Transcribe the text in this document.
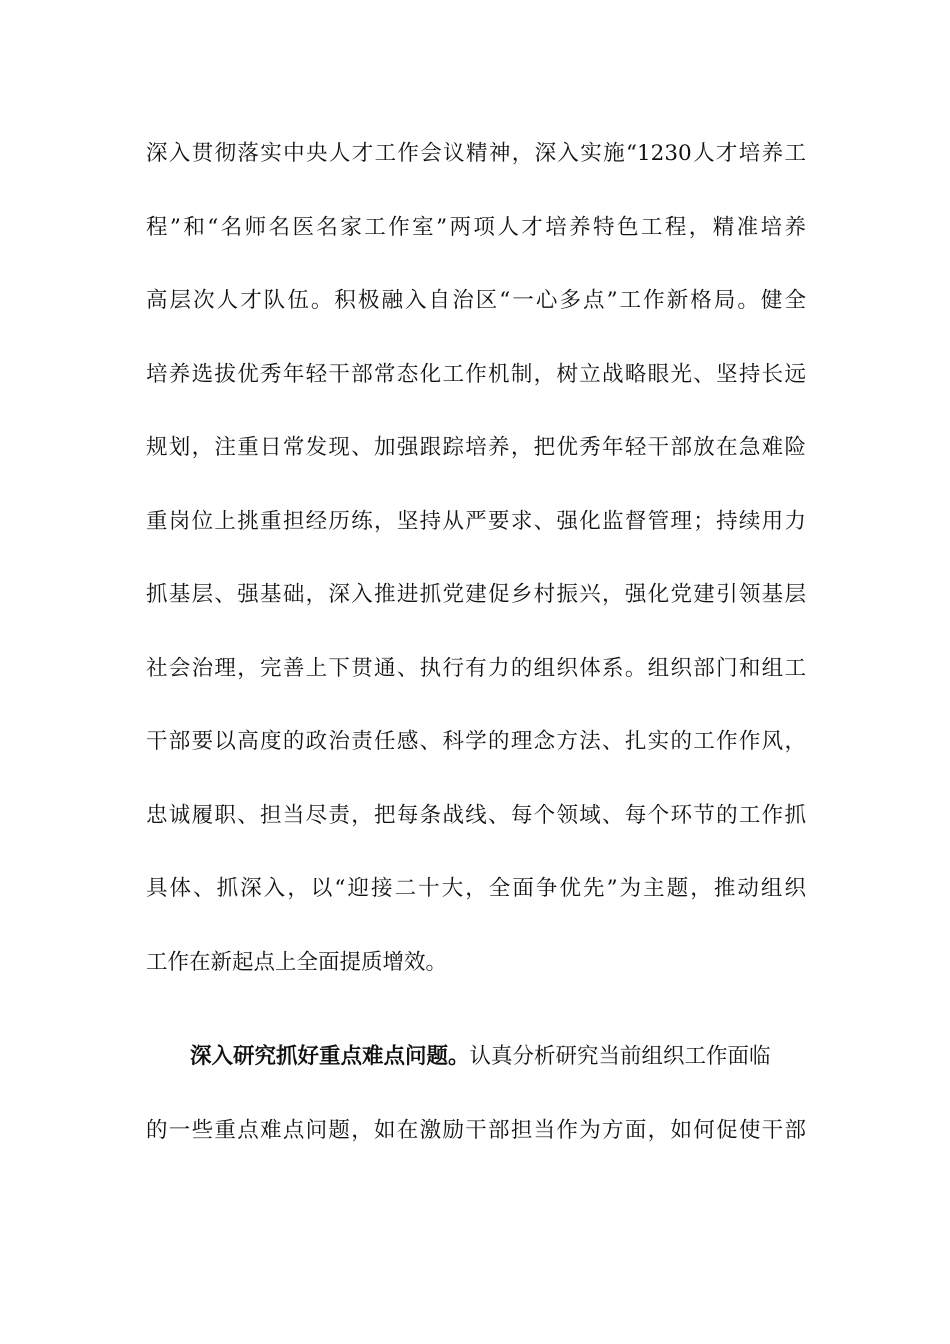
深入贯彻落实中央人才工作会议精神，深入实施“1230人才培养工
程”和“名师名医名家工作室”两项人才培养特色工程，精准培养
高层次人才队伍。积极融入自治区“一心多点”工作新格局。健全
培养选拔优秀年轻干部常态化工作机制，树立战略眼光、坚持长远
规划，注重日常发现、加强跟踪培养，把优秀年轻干部放在急难险
重岗位上挑重担经历练，坚持从严要求、强化监督管理；持续用力
抓基层、强基础，深入推进抓党建促乡村振兴，强化党建引领基层
社会治理，完善上下贯通、执行有力的组织体系。组织部门和组工
干部要以高度的政治责任感、科学的理念方法、扎实的工作作风，
忠诚履职、担当尽责，把每条战线、每个领域、每个环节的工作抓
具体、抓深入，以“迎接二十大，全面争优先”为主题，推动组织
工作在新起点上全面提质增效。
深入研究抓好重点难点问题。认真分析研究当前组织工作面临
的一些重点难点问题，如在激励干部担当作为方面，如何促使干部
